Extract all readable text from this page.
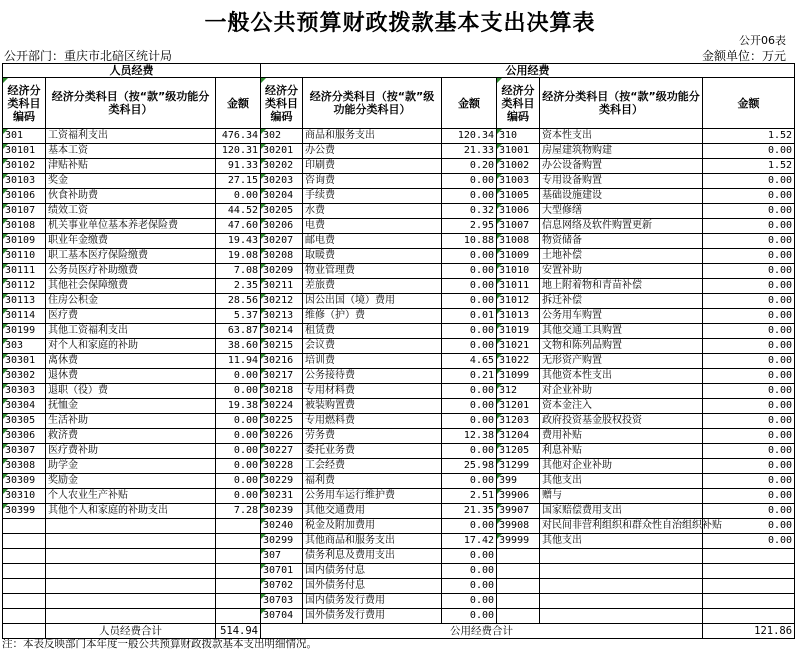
一般公共预算财政拨款基本支出决算表
公开06表
公开部门：重庆市北碚区统计局	金额单位：万元
人员经费			公用经费					
经济分类科目编码	经济分类科目（按“款”级功能分类科目）	金额	经济分类科目编码	经济分类科目（按“款”级功能分类科目）	金额	经济分类科目编码	经济分类科目（按“款”级功能分类科目）	金额
301	工资福利支出	476.34	302	商品和服务支出	120.34	310	资本性支出	1.52
30101	基本工资	120.31	30201	办公费	21.33	31001	房屋建筑物购建	0.00
30102	津贴补贴	91.33	30202	印刷费	0.20	31002	办公设备购置	1.52
30103	奖金	27.15	30203	咨询费	0.00	31003	专用设备购置	0.00
30106	伙食补助费	0.00	30204	手续费	0.00	31005	基础设施建设	0.00
30107	绩效工资	44.52	30205	水费	0.32	31006	大型修缮	0.00
30108	机关事业单位基本养老保险费	47.60	30206	电费	2.95	31007	信息网络及软件购置更新	0.00
30109	职业年金缴费	19.43	30207	邮电费	10.88	31008	物资储备	0.00
30110	职工基本医疗保险缴费	19.08	30208	取暖费	0.00	31009	土地补偿	0.00
30111	公务员医疗补助缴费	7.08	30209	物业管理费	0.00	31010	安置补助	0.00
30112	其他社会保障缴费	2.35	30211	差旅费	0.00	31011	地上附着物和青苗补偿	0.00
30113	住房公积金	28.56	30212	因公出国（境）费用	0.00	31012	拆迁补偿	0.00
30114	医疗费	5.37	30213	维修（护）费	0.01	31013	公务用车购置	0.00
30199	其他工资福利支出	63.87	30214	租赁费	0.00	31019	其他交通工具购置	0.00
303	对个人和家庭的补助	38.60	30215	会议费	0.00	31021	文物和陈列品购置	0.00
30301	离休费	11.94	30216	培训费	4.65	31022	无形资产购置	0.00
30302	退休费	0.00	30217	公务接待费	0.21	31099	其他资本性支出	0.00
30303	退职（役）费	0.00	30218	专用材料费	0.00	312	对企业补助	0.00
30304	抚恤金	19.38	30224	被装购置费	0.00	31201	资本金注入	0.00
30305	生活补助	0.00	30225	专用燃料费	0.00	31203	政府投资基金股权投资	0.00
30306	救济费	0.00	30226	劳务费	12.38	31204	费用补贴	0.00
30307	医疗费补助	0.00	30227	委托业务费	0.00	31205	利息补贴	0.00
30308	助学金	0.00	30228	工会经费	25.98	31299	其他对企业补助	0.00
30309	奖励金	0.00	30229	福利费	0.00	399	其他支出	0.00
30310	个人农业生产补贴	0.00	30231	公务用车运行维护费	2.51	39906	赠与	0.00
30399	其他个人和家庭的补助支出	7.28	30239	其他交通费用	21.35	39907	国家赔偿费用支出	0.00
			30240	税金及附加费用	0.00	39908	对民间非营利组织和群众性自治组织补贴	0.00
			30299	其他商品和服务支出	17.42	39999	其他支出	0.00
			307	债务利息及费用支出	0.00			
			30701	国内债务付息	0.00			
			30702	国外债务付息	0.00			
			30703	国内债务发行费用	0.00			
			30704	国外债务发行费用	0.00			
	人员经费合计	514.94	公用经费合计					121.86
注：本表反映部门本年度一般公共预算财政拨款基本支出明细情况。
